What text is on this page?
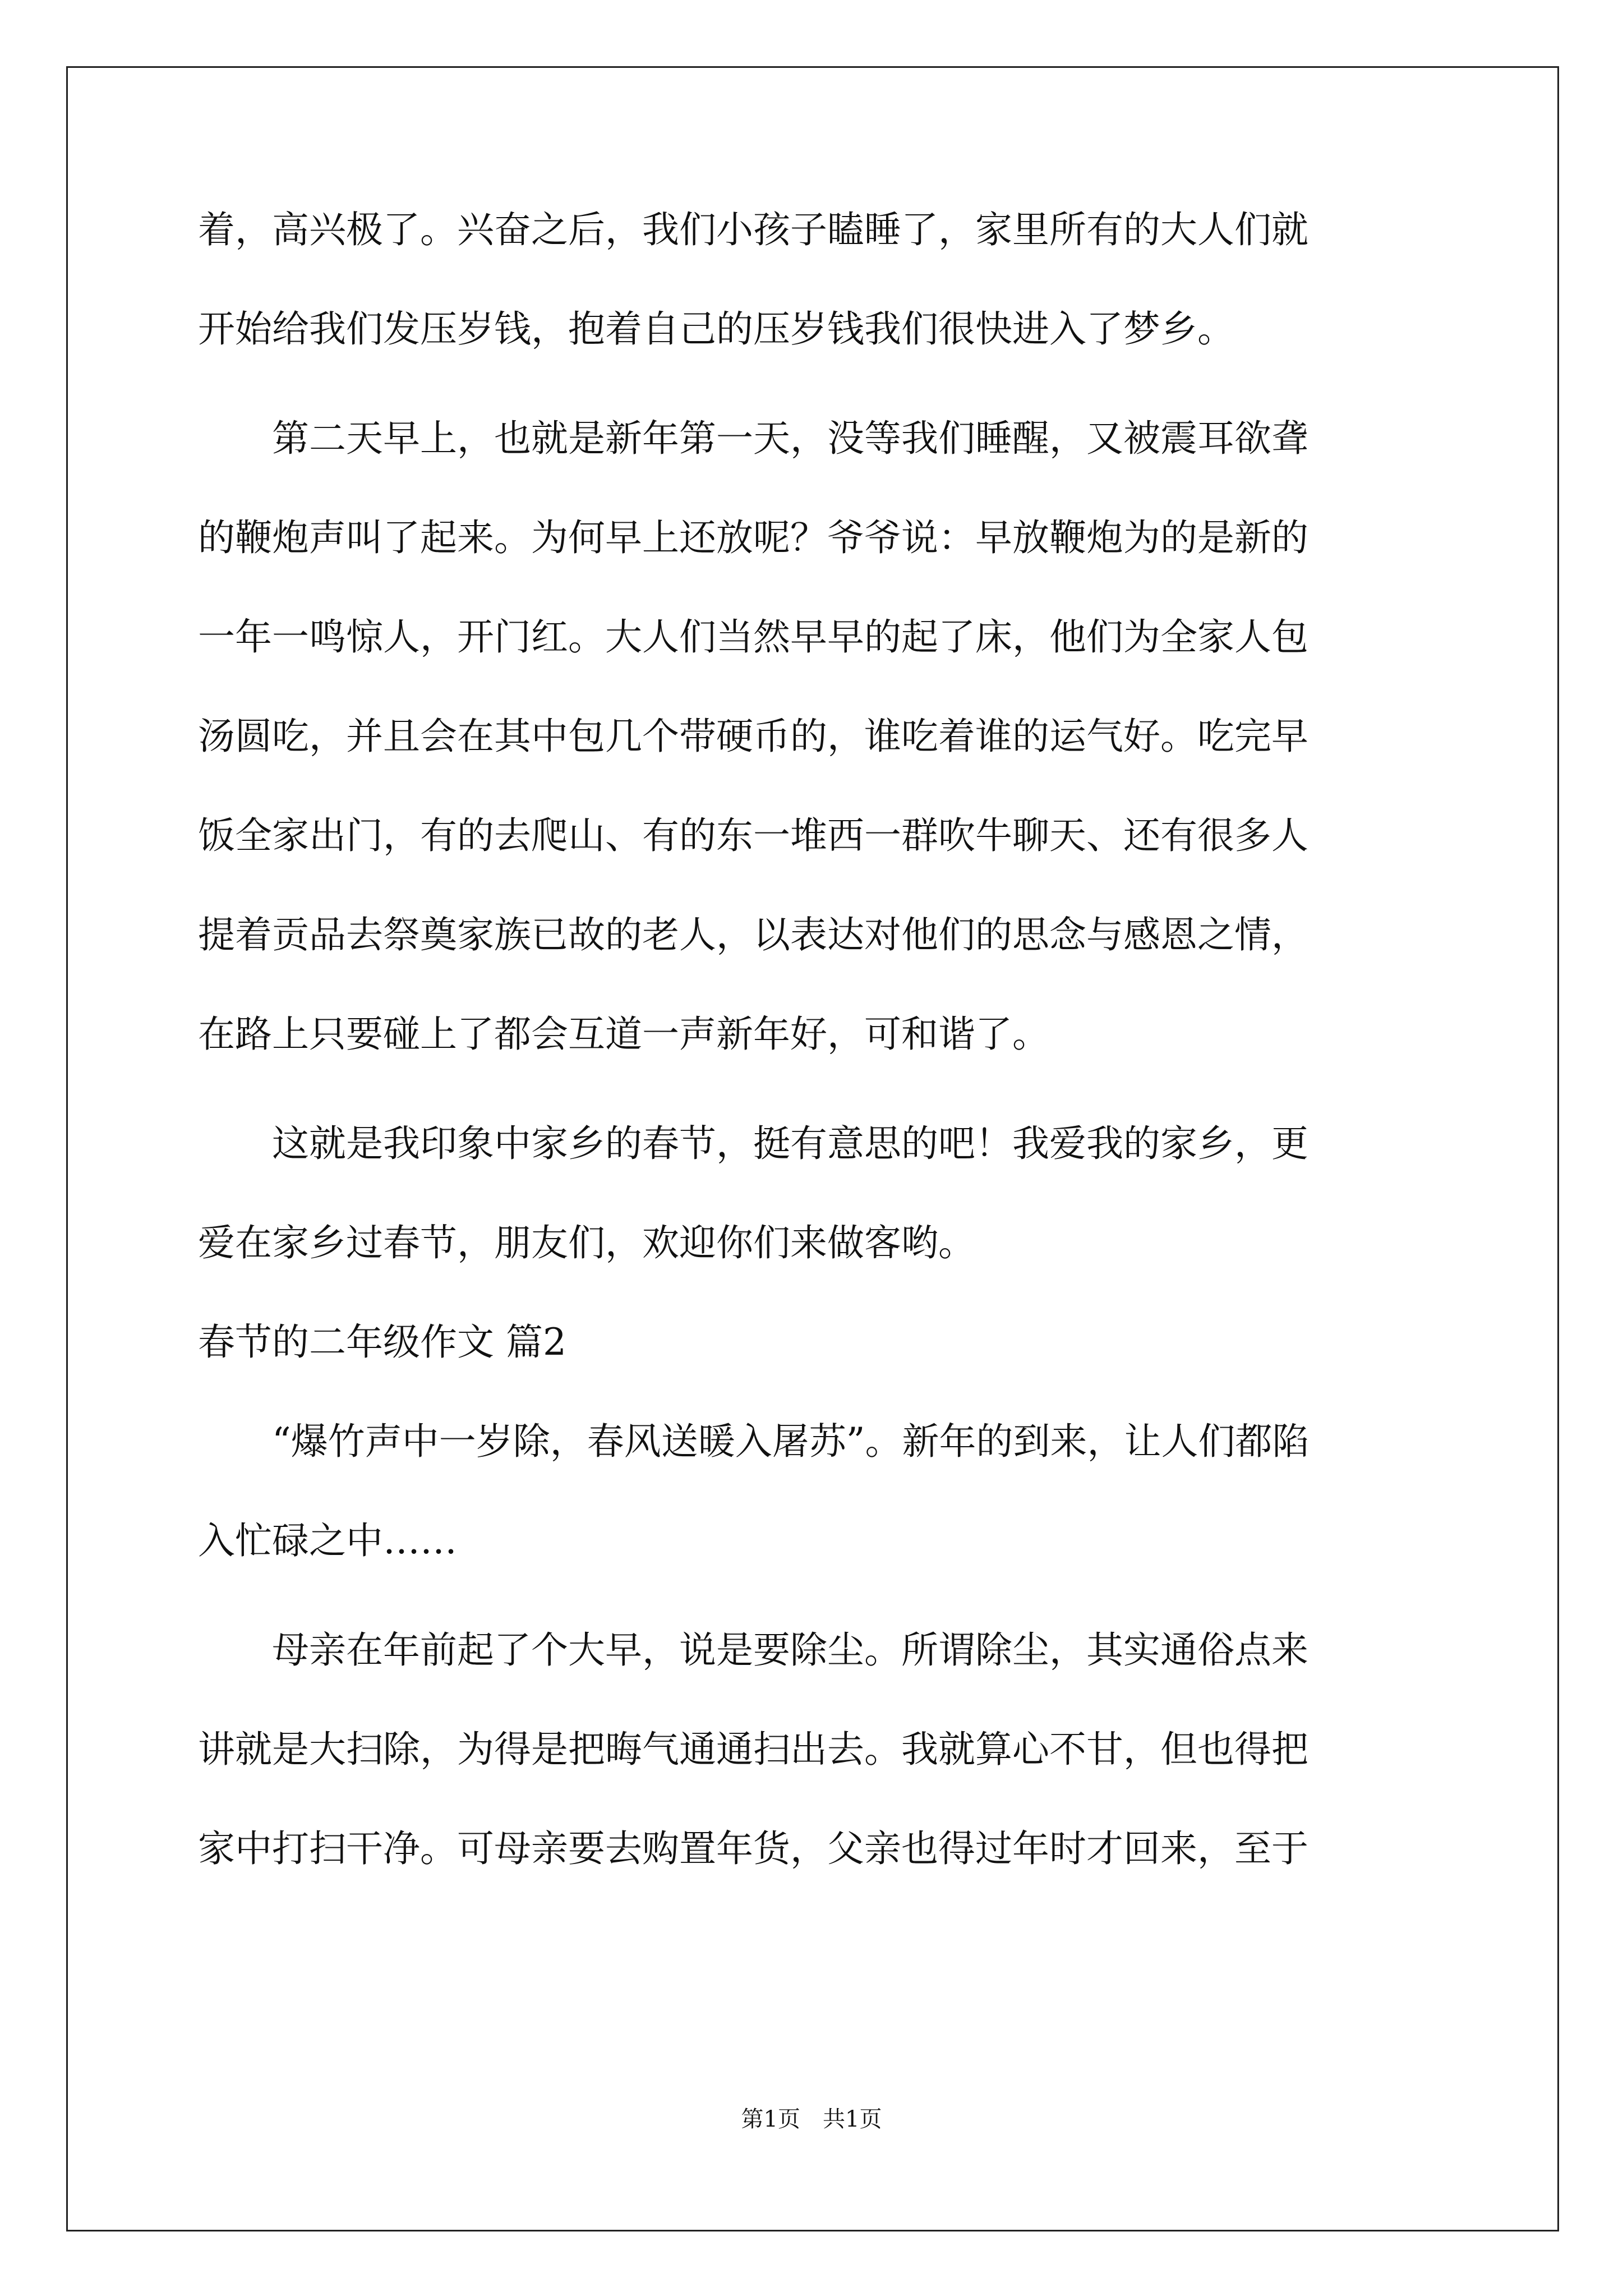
着，高兴极了。兴奋之后，我们小孩子瞌睡了，家里所有的大人们就
开始给我们发压岁钱，抱着自己的压岁钱我们很快进入了梦乡。
　　第二天早上，也就是新年第一天，没等我们睡醒，又被震耳欲聋
的鞭炮声叫了起来。为何早上还放呢？爷爷说：早放鞭炮为的是新的
一年一鸣惊人，开门红。大人们当然早早的起了床，他们为全家人包
汤圆吃，并且会在其中包几个带硬币的，谁吃着谁的运气好。吃完早
饭全家出门，有的去爬山、有的东一堆西一群吹牛聊天、还有很多人
提着贡品去祭奠家族已故的老人，以表达对他们的思念与感恩之情，
在路上只要碰上了都会互道一声新年好，可和谐了。
　　这就是我印象中家乡的春节，挺有意思的吧！我爱我的家乡，更
爱在家乡过春节，朋友们，欢迎你们来做客哟。
春节的二年级作文 篇2
　　“爆竹声中一岁除，春风送暖入屠苏”。新年的到来，让人们都陷
入忙碌之中……
　　母亲在年前起了个大早，说是要除尘。所谓除尘，其实通俗点来
讲就是大扫除，为得是把晦气通通扫出去。我就算心不甘，但也得把
家中打扫干净。可母亲要去购置年货，父亲也得过年时才回来，至于
第1页　共1页
